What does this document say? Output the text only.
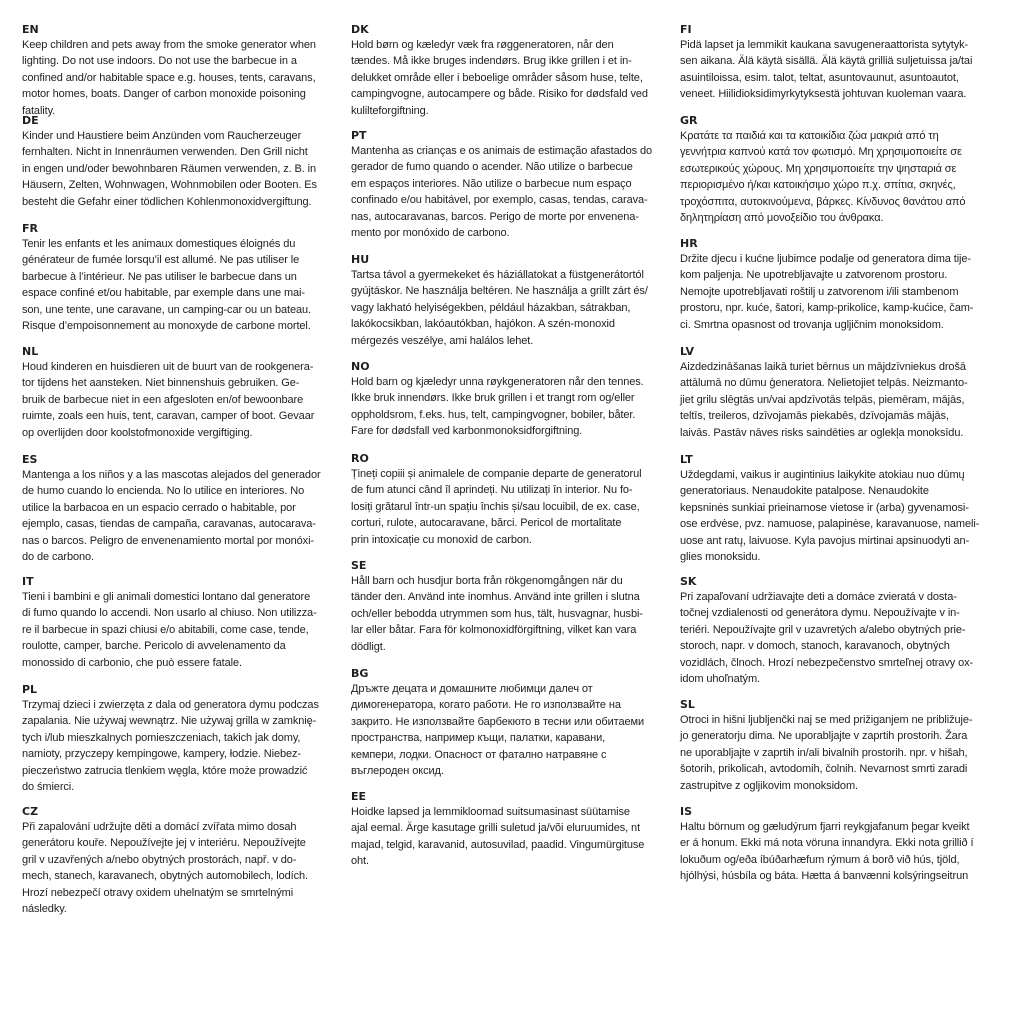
EN

Keep children and pets away from the smoke generator when
lighting. Do not use indoors. Do not use the barbecue in a
confined and/or habitable space e.g. houses, tents, caravans,
motor homes, boats. Danger of carbon monoxide poisoning
fatality.

DE

Kinder und Haustiere beim Anzünden vom Raucherzeuger
fernhalten. Nicht in Innenräumen verwenden. Den Grill nicht
in engen und/oder bewohnbaren Räumen verwenden, z. B. in
Häusern, Zelten, Wohnwagen, Wohnmobilen oder Booten. Es
besteht die Gefahr einer tödlichen Kohlenmonoxidvergiftung.

FR

Tenir les enfants et les animaux domestiques éloignés du
générateur de fumée lorsqu’il est allumé. Ne pas utiliser le
barbecue à l’intérieur. Ne pas utiliser le barbecue dans un
espace confiné et/ou habitable, par exemple dans une mai-
son, une tente, une caravane, un camping-car ou un bateau.
Risque d’empoisonnement au monoxyde de carbone mortel.

NL

Houd kinderen en huisdieren uit de buurt van de rookgenera-
tor tijdens het aansteken. Niet binnenshuis gebruiken. Ge-
bruik de barbecue niet in een afgesloten en/of bewoonbare
ruimte, zoals een huis, tent, caravan, camper of boot. Gevaar
op overlijden door koolstofmonoxide vergiftiging.

ES

Mantenga a los niños y a las mascotas alejados del generador
de humo cuando lo encienda. No lo utilice en interiores. No
utilice la barbacoa en un espacio cerrado o habitable, por
ejemplo, casas, tiendas de campaña, caravanas, autocarava-
nas o barcos. Peligro de envenenamiento mortal por monóxi-
do de carbono.

IT

Tieni i bambini e gli animali domestici lontano dal generatore
di fumo quando lo accendi. Non usarlo al chiuso. Non utilizza-
re il barbecue in spazi chiusi e/o abitabili, come case, tende,
roulotte, camper, barche. Pericolo di avvelenamento da
monossido di carbonio, che può essere fatale.

PL

Trzymaj dzieci i zwierzęta z dala od generatora dymu podczas
zapalania. Nie używaj wewnątrz. Nie używaj grilla w zamknię-
tych i/lub mieszkalnych pomieszczeniach, takich jak domy,
namioty, przyczepy kempingowe, kampery, łodzie. Niebez-
pieczeństwo zatrucia tlenkiem węgla, które może prowadzić
do śmierci.

CZ

Při zapalování udržujte děti a domácí zvířata mimo dosah
generátoru kouře. Nepoužívejte jej v interiéru. Nepoužívejte
gril v uzavřených a/nebo obytných prostorách, např. v do-
mech, stanech, karavanech, obytných automobilech, lodích.
Hrozí nebezpečí otravy oxidem uhelnatým se smrtelnými
následky.

DK

Hold børn og kæledyr væk fra røggeneratoren, når den
tændes. Må ikke bruges indendørs. Brug ikke grillen i et in-
delukket område eller i beboelige områder såsom huse, telte,
campingvogne, autocampere og både. Risiko for dødsfald ved
kulilteforgiftning.

PT

Mantenha as crianças e os animais de estimação afastados do
gerador de fumo quando o acender. Não utilize o barbecue
em espaços interiores. Não utilize o barbecue num espaço
confinado e/ou habitável, por exemplo, casas, tendas, carava-
nas, autocaravanas, barcos. Perigo de morte por envenena-
mento por monóxido de carbono.

HU

Tartsa távol a gyermekeket és háziállatokat a füstgenerátortól
gyújtáskor. Ne használja beltéren. Ne használja a grillt zárt és/
vagy lakható helyiségekben, például házakban, sátrakban,
lakókocsikban, lakóautókban, hajókon. A szén-monoxid
mérgezés veszélye, ami halálos lehet.

NO

Hold barn og kjæledyr unna røykgeneratoren når den tennes.
Ikke bruk innendørs. Ikke bruk grillen i et trangt rom og/eller
oppholdsrom, f.eks. hus, telt, campingvogner, bobiler, båter.
Fare for dødsfall ved karbonmonoksidforgiftning.

RO

Țineți copiii și animalele de companie departe de generatorul
de fum atunci când îl aprindeți. Nu utilizați în interior. Nu fo-
losiți grătarul într-un spațiu închis și/sau locuibil, de ex. case,
corturi, rulote, autocaravane, bărci. Pericol de mortalitate
prin intoxicație cu monoxid de carbon.

SE

Håll barn och husdjur borta från rökgenomgången när du
tänder den. Använd inte inomhus. Använd inte grillen i slutna
och/eller bebodda utrymmen som hus, tält, husvagnar, husbi-
lar eller båtar. Fara för kolmonoxidförgiftning, vilket kan vara
dödligt.

BG

Дръжте децата и домашните любимци далеч от
димогенератора, когато работи. Не го използвайте на
закрито. Не използвайте барбекюто в тесни или обитаеми
пространства, например къщи, палатки, каравани,
кемпери, лодки. Опасност от фатално натравяне с
въглероден оксид.

EE

Hoidke lapsed ja lemmikloomad suitsumasinast süütamise
ajal eemal. Ärge kasutage grilli suletud ja/või eluruumides, nt
majad, telgid, karavanid, autosuvilad, paadid. Vingumürgituse
oht.

FI

Pidä lapset ja lemmikit kaukana savugeneraattorista sytytyk-
sen aikana. Älä käytä sisällä. Älä käytä grilliä suljetuissa ja/tai
asuintiloissa, esim. talot, teltat, asuntovaunut, asuntoautot,
veneet. Hiilidioksidimyrkytyksestä johtuvan kuoleman vaara.

GR

Κρατάτε τα παιδιά και τα κατοικίδια ζώα μακριά από τη
γεννήτρια καπνού κατά τον φωτισμό. Μη χρησιμοποιείτε σε
εσωτερικούς χώρους. Μη χρησιμοποιείτε την ψησταριά σε
περιορισμένο ή/και κατοικήσιμο χώρο π.χ. σπίτια, σκηνές,
τροχόσπιτα, αυτοκινούμενα, βάρκες. Κίνδυνος θανάτου από
δηλητηρίαση από μονοξείδιο του άνθρακα.

HR

Držite djecu i kućne ljubimce podalje od generatora dima tije-
kom paljenja. Ne upotrebljavajte u zatvorenom prostoru.
Nemojte upotrebljavati roštilj u zatvorenom i/ili stambenom
prostoru, npr. kuće, šatori, kamp-prikolice, kamp-kućice, čam-
ci. Smrtna opasnost od trovanja ugljičnim monoksidom.

LV

Aizdedzināšanas laikā turiet bērnus un mājdzīvniekus drošā
attālumā no dūmu ģeneratora. Nelietojiet telpās. Neizmanto-
jiet grilu slēgtās un/vai apdzīvotās telpās, piemēram, mājās,
teltīs, treileros, dzīvojamās piekabēs, dzīvojamās mājās,
laivās. Pastāv nāves risks saindēties ar oglekļa monoksīdu.

LT

Uždegdami, vaikus ir augintinius laikykite atokiau nuo dūmų
generatoriaus. Nenaudokite patalpose. Nenaudokite
kepsninės sunkiai prieinamose vietose ir (arba) gyvenamosi-
ose erdvėse, pvz. namuose, palapinėse, karavanuose, nameli-
uose ant ratų, laivuose. Kyla pavojus mirtinai apsinuodyti an-
glies monoksidu.

SK

Pri zapaľovaní udržiavajte deti a domáce zvieratá v dosta-
točnej vzdialenosti od generátora dymu. Nepoužívajte v in-
teriéri. Nepoužívajte gril v uzavretých a/alebo obytných prie-
storoch, napr. v domoch, stanoch, karavanoch, obytných
vozidlách, člnoch. Hrozí nebezpečenstvo smrteľnej otravy ox-
idom uhoľnatým.

SL

Otroci in hišni ljubljenčki naj se med prižiganjem ne približuje-
jo generatorju dima. Ne uporabljajte v zaprtih prostorih. Žara
ne uporabljajte v zaprtih in/ali bivalnih prostorih. npr. v hišah,
šotorih, prikolicah, avtodomih, čolnih. Nevarnost smrti zaradi
zastrupitve z ogljikovim monoksidom.

IS

Haltu börnum og gæludýrum fjarri reykgjafanum þegar kveikt
er á honum. Ekki má nota vöruna innandyra. Ekki nota grillið í
lokuðum og/eða íbúðarhæfum rýmum á borð við hús, tjöld,
hjólhýsi, húsbíla og báta. Hætta á banvænni kolsýringseitrun
